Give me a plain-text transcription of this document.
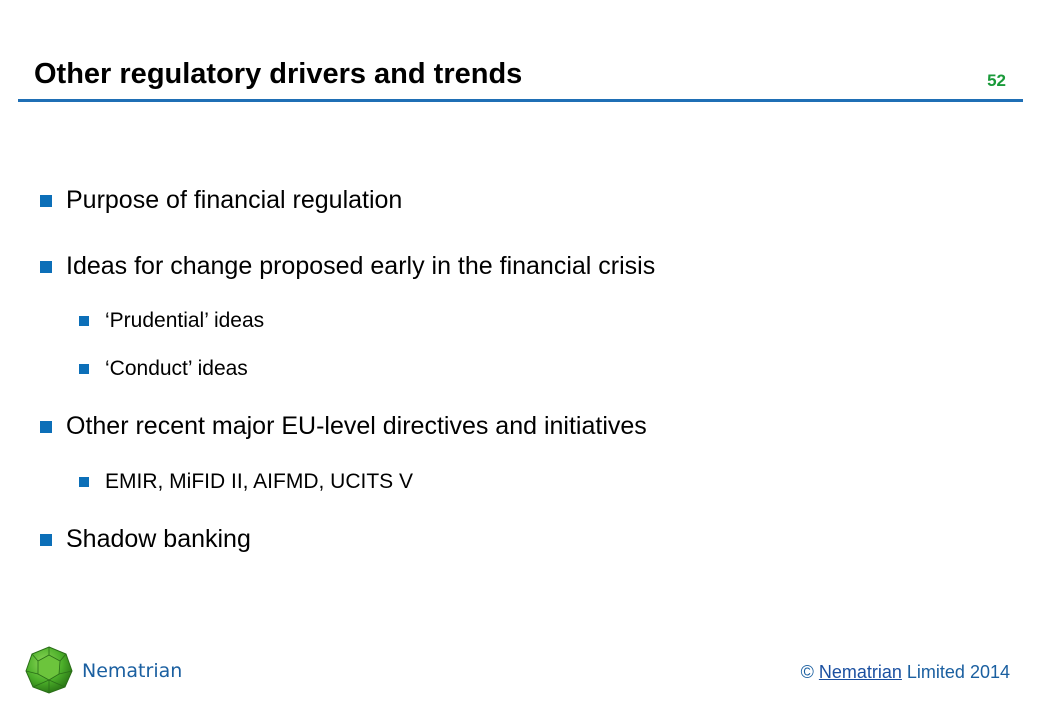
Other regulatory drivers and trends	52
Purpose of financial regulation
Ideas for change proposed early in the financial crisis
‘Prudential’ ideas
‘Conduct’ ideas
Other recent major EU-level directives and initiatives
EMIR, MiFID II, AIFMD, UCITS V
Shadow banking
Nematrian	© Nematrian Limited 2014
